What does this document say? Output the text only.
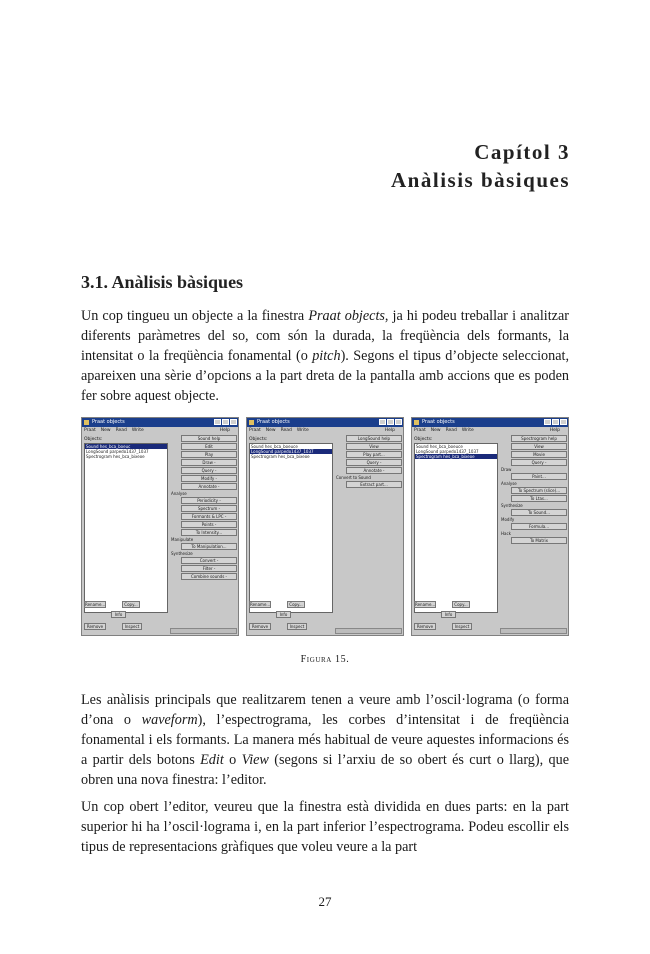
Capítol 3
Anàlisis bàsiques
3.1. Anàlisis bàsiques

Un cop tingueu un objecte a la finestra Praat objects, ja hi podeu treballar i analitzar diferents paràmetres del so, com són la durada, la freqüència dels formants, la intensitat o la freqüència fonamental (o pitch). Segons el tipus d’objecte seleccionat, apareixen una sèrie d’opcions a la part dreta de la pantalla amb accions que es poden fer sobre aquest objecte.

Praat objects
Praat New Read Write	Help
Objects:
Sound hes_bca_boeuc
LongSound parpedo1437_1037
Spectrogram hes_bca_bixeoe
Sound help
Edit
Play
Draw -
Query -
Modify -
Annotate -
Analyse
Periodicity -
Spectrum -
Formants & LPC -
Points -
To Intensity...
Manipulate
To Manipulation...
Synthesize
Convert -
Filter -
Combine sounds -
Rename...	Copy...
Info
Remove	Inspect
Praat objects
Praat New Read Write	Help
Objects:
Sound hes_bca_boeuce
LongSound parpedo1437_1037
Spectrogram hes_bca_bixeoe
LongSound help
View
Play part...
Query -
Annotate -
Convert to Sound
Extract part...
Rename...	Copy...
Info
Remove	Inspect
Praat objects
Praat New Read Write	Help
Objects:
Sound hes_bca_boeuce
LongSound parpedo1437_1037
Spectrogram hes_bca_bixeoe
Spectrogram help
View
Movie
Query -
Draw
Paint...
Analyse
To Spectrum (slice)...
To Ltas...
Synthesize
To Sound...
Modify
Formula...
Hack
To Matrix
Rename...	Copy...
Info
Remove	Inspect
Figura 15.

Les anàlisis principals que realitzarem tenen a veure amb l’oscil·lograma (o forma d’ona o waveform), l’espectrograma, les corbes d’intensitat i de freqüència fonamental i els formants. La manera més habitual de veure aquestes informacions és a partir dels botons Edit o View (segons si l’arxiu de so obert és curt o llarg), que obren una nova finestra: l’editor.

Un cop obert l’editor, veureu que la finestra està dividida en dues parts: en la part superior hi ha l’oscil·lograma i, en la part inferior l’espectrograma. Podeu escollir els tipus de representacions gràfiques que voleu veure a la part

27
